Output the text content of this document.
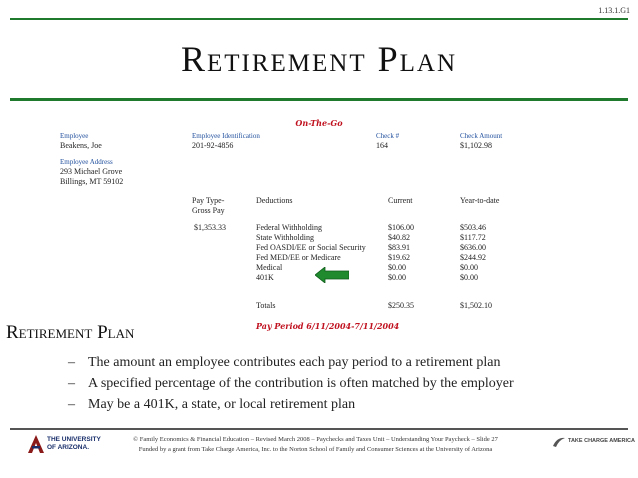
1.13.1.G1
Retirement Plan
On-The-Go
Employee
Beakens, Joe
Employee Identification
201-92-4856
Check #
164
Check Amount
$1,102.98
Employee Address
293 Michael Grove
Billings, MT 59102
Pay Type-
Gross Pay
Deductions	Current	Year-to-date
$1,353.33	Federal Withholding	$106.00	$503.46
State Withholding	$40.82	$117.72
Fed OASDI/EE or Social Security	$83.91	$636.00
Fed MED/EE or Medicare	$19.62	$244.92
Medical	$0.00	$0.00
401K	$0.00	$0.00
Totals	$250.35	$1,502.10
Pay Period 6/11/2004-7/11/2004
Retirement Plan
– The amount an employee contributes each pay period to a retirement plan
– A specified percentage of the contribution is often matched by the employer
– May be a 401K, a state, or local retirement plan
THE UNIVERSITY OF ARIZONA.
© Family Economics & Financial Education – Revised March 2008 – Paychecks and Taxes Unit – Understanding Your Paycheck – Slide 27
Funded by a grant from Take Charge America, Inc. to the Norton School of Family and Consumer Sciences at the University of Arizona
TAKE CHARGE AMERICA
